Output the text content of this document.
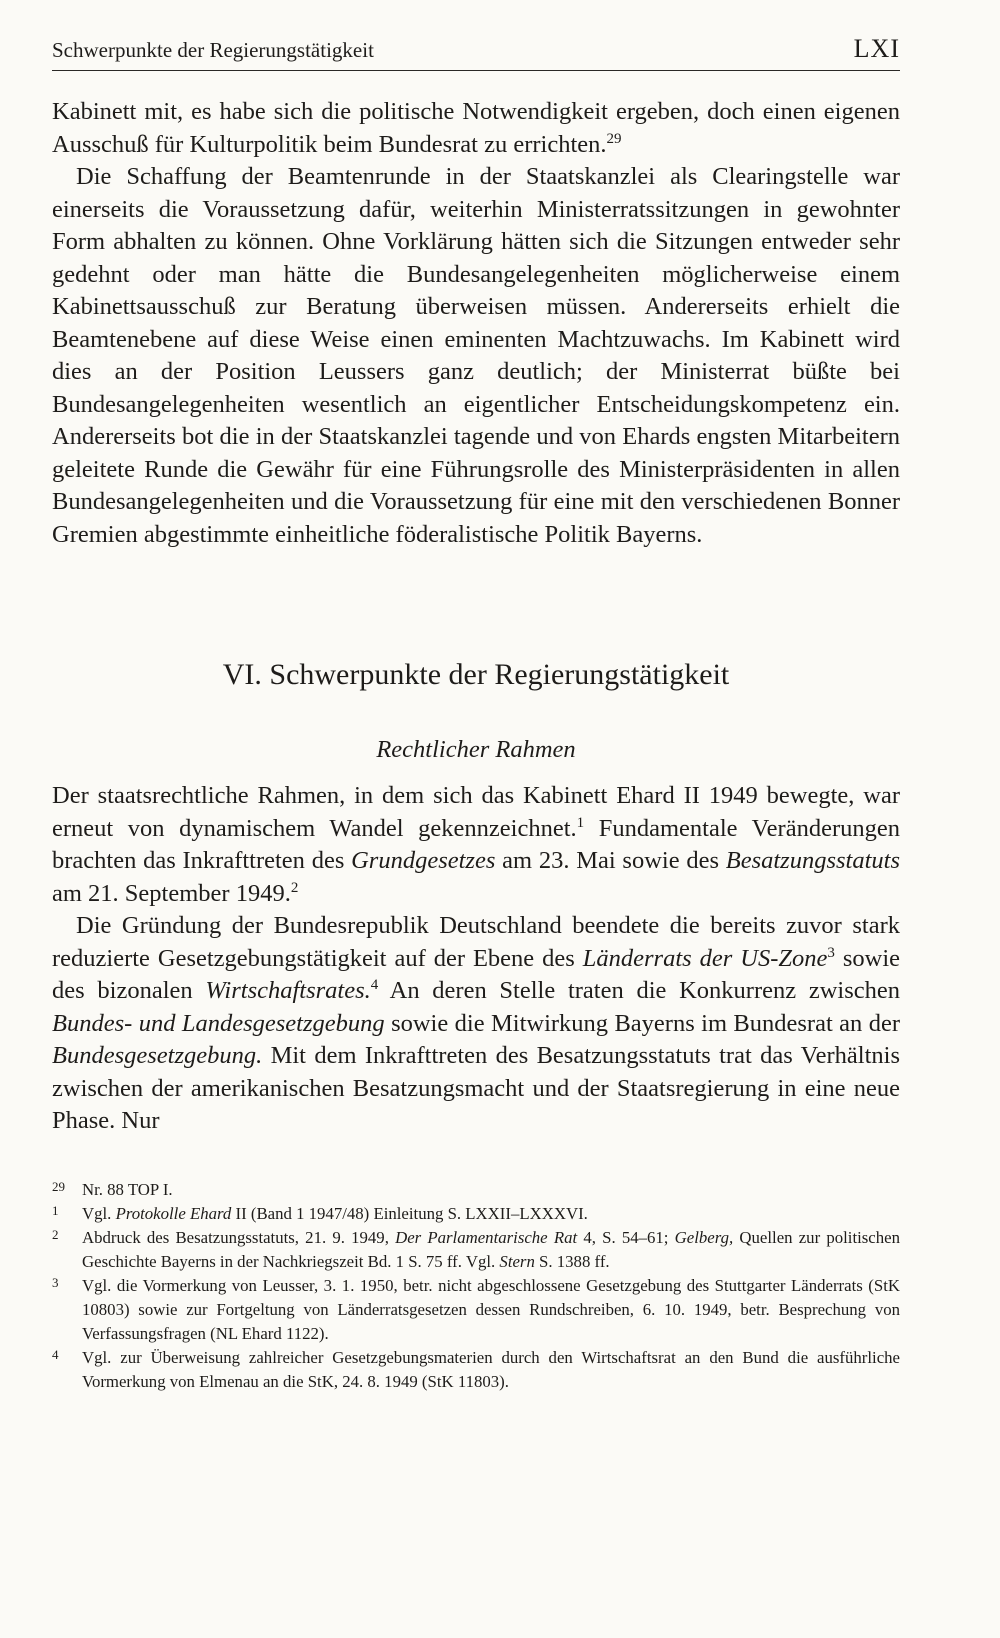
Schwerpunkte der Regierungstätigkeit	LXI

Kabinett mit, es habe sich die politische Notwendigkeit ergeben, doch einen eigenen Ausschuß für Kulturpolitik beim Bundesrat zu errichten.$^{29}$

Die Schaffung der Beamtenrunde in der Staatskanzlei als Clearingstelle war einerseits die Voraussetzung dafür, weiterhin Ministerratssitzungen in gewohnter Form abhalten zu können. Ohne Vorklärung hätten sich die Sitzungen entweder sehr gedehnt oder man hätte die Bundesangelegenheiten möglicherweise einem Kabinettsausschuß zur Beratung überweisen müssen. Andererseits erhielt die Beamtenebene auf diese Weise einen eminenten Machtzuwachs. Im Kabinett wird dies an der Position Leussers ganz deutlich; der Ministerrat büßte bei Bundesangelegenheiten wesentlich an eigentlicher Entscheidungskompetenz ein. Andererseits bot die in der Staatskanzlei tagende und von Ehards engsten Mitarbeitern geleitete Runde die Gewähr für eine Führungsrolle des Ministerpräsidenten in allen Bundesangelegenheiten und die Voraussetzung für eine mit den verschiedenen Bonner Gremien abgestimmte einheitliche föderalistische Politik Bayerns.

VI. Schwerpunkte der Regierungstätigkeit
Rechtlicher Rahmen

Der staatsrechtliche Rahmen, in dem sich das Kabinett Ehard II 1949 bewegte, war erneut von dynamischem Wandel gekennzeichnet.$^1$ Fundamentale Veränderungen brachten das Inkrafttreten des Grundgesetzes am 23. Mai sowie des Besatzungsstatuts am 21. September 1949.$^2$

Die Gründung der Bundesrepublik Deutschland beendete die bereits zuvor stark reduzierte Gesetzgebungstätigkeit auf der Ebene des Länderrats der US-Zone$^3$ sowie des bizonalen Wirtschaftsrates.$^4$ An deren Stelle traten die Konkurrenz zwischen Bundes- und Landesgesetzgebung sowie die Mitwirkung Bayerns im Bundesrat an der Bundesgesetzgebung. Mit dem Inkrafttreten des Besatzungsstatuts trat das Verhältnis zwischen der amerikanischen Besatzungsmacht und der Staatsregierung in eine neue Phase. Nur

29 Nr. 88 TOP I.
1 Vgl. Protokolle Ehard II (Band 1 1947/48) Einleitung S. LXXII–LXXXVI.
2 Abdruck des Besatzungsstatuts, 21. 9. 1949, Der Parlamentarische Rat 4, S. 54–61; Gelberg, Quellen zur politischen Geschichte Bayerns in der Nachkriegszeit Bd. 1 S. 75 ff. Vgl. Stern S. 1388 ff.
3 Vgl. die Vormerkung von Leusser, 3. 1. 1950, betr. nicht abgeschlossene Gesetzgebung des Stuttgarter Länderrats (StK 10803) sowie zur Fortgeltung von Länderratsgesetzen dessen Rundschreiben, 6. 10. 1949, betr. Besprechung von Verfassungsfragen (NL Ehard 1122).
4 Vgl. zur Überweisung zahlreicher Gesetzgebungsmaterien durch den Wirtschaftsrat an den Bund die ausführliche Vormerkung von Elmenau an die StK, 24. 8. 1949 (StK 11803).
